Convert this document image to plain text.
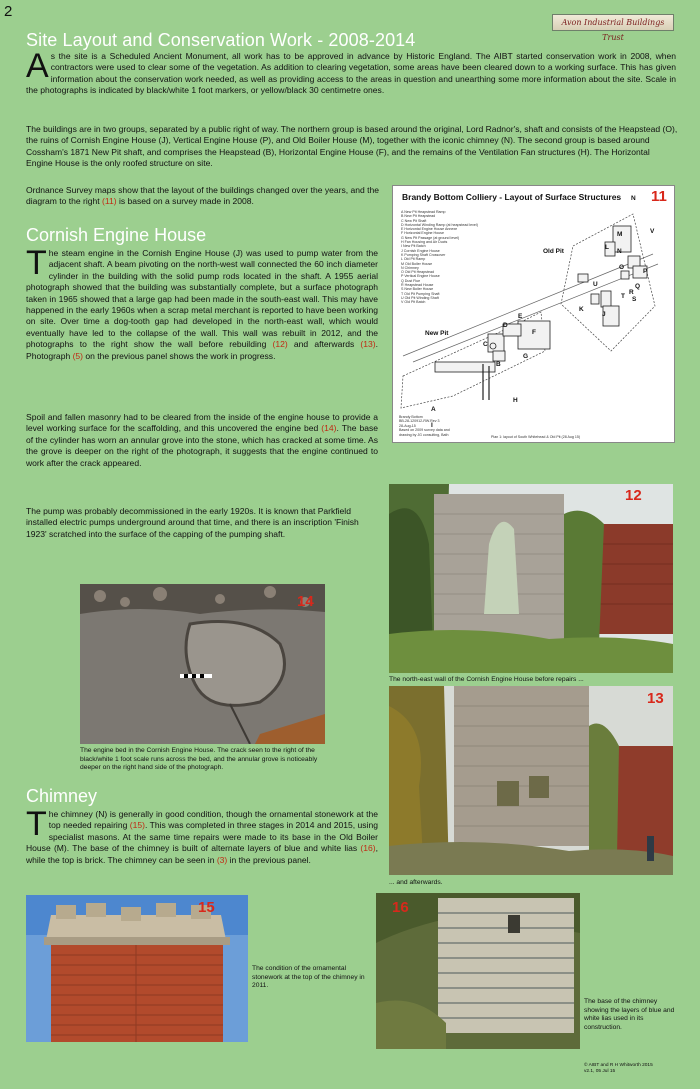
2
Avon Industrial Buildings Trust
Site Layout and Conservation Work - 2008-2014
As the site is a Scheduled Ancient Monument, all work has to be approved in advance by Historic England. The AIBT started conservation work in 2008, when contractors were used to clear some of the vegetation. As addition to clearing vegetation, some areas have been cleared down to a working surface. This has given information about the conservation work needed, as well as providing access to the areas in question and unearthing some more information about the site. Scale in the photographs is indicated by black/white 1 foot markers, or yellow/black 30 centimetre ones.
The buildings are in two groups, separated by a public right of way. The northern group is based around the original, Lord Radnor's, shaft and consists of the Heapstead (O), the ruins of Cornish Engine House (J), Vertical Engine House (P), and Old Boiler House (M), together with the iconic chimney (N). The second group is based around Cossham's 1871 New Pit shaft, and comprises the Heapstead (B), Horizontal Engine House (F), and the remains of the Ventilation Fan structures (H). The Horizontal Engine House is the only roofed structure on site.
Ordnance Survey maps show that the layout of the buildings changed over the years, and the diagram to the right (11) is based on a survey made in 2008.
Cornish Engine House
The steam engine in the Cornish Engine House (J) was used to pump water from the adjacent shaft. A beam pivoting on the north-west wall connected the 60 inch diameter cylinder in the building with the solid pump rods located in the shaft. A 1955 aerial photograph showed that the building was substantially complete, but a surface photograph taken in 1965 showed that a large gap had been made in the south-east wall. This may have happened in the early 1960s when a scrap metal merchant is reported to have been working on site. Over time a dog-tooth gap had developed in the north-east wall, which would eventually have led to the collapse of the wall. This wall was rebuilt in 2012, and the photographs to the right show the wall before rebuilding (12) and afterwards (13). Photograph (5) on the previous panel shows the work in progress.
Spoil and fallen masonry had to be cleared from the inside of the engine house to provide a level working surface for the scaffolding, and this uncovered the engine bed (14). The base of the cylinder has worn an annular grove into the stone, which has cracked at some time. As the grove is deeper on the right of the photograph, it suggests that the engine continued to work after the crack appeared.
The pump was probably decommissioned in the early 1920s. It is known that Parkfield installed electric pumps underground around that time, and there is an inscription 'Finish 1923' scratched into the surface of the capping of the pumping shaft.
Brandy Bottom Colliery - Layout of Surface Structures 11
N
A New Pit Heapstead Ramp
B New Pit Heapstead
C New Pit Shaft
D Horizontal Winding Ramp (at heapstead level)
E Horizontal Engine House Annexe
F Horizontal Engine House
G New Pit Passage (at ground level)
H Fan Housing and Air Ducts
I New Pit Batch
J Cornish Engine House
K Pumping Shaft Crossover
L Old Pit Ramp
M Old Boiler House
N Chimney
O Old Pit Heapstead
P Vertical Engine House
Q Dust Flue
R Heapstead House
S New Boiler House
T Old Pit Pumping Shaft
U Old Pit Winding Shaft
V Old Pit Batch
Old Pit
New Pit
A
B
C
D
E
F
G
H
I
J
K
L
M
N
O
P
Q
R
S
T
U
V
Brandy Bottom
BB-28-120912-RW.Rev 3
28-Aug-15
Based on 2009 survey data and
drawing by JG consulting, Bath
Plan 1: layout of South Whitehead & Old Pit (28 Aug 15)
12
The north-east wall of the Cornish Engine House before repairs ...
13
... and afterwards.
14
The engine bed in the Cornish Engine House. The crack seen to the right of the black/white 1 foot scale runs across the bed, and the annular grove is noticeably deeper on the right hand side of the photograph.
Chimney
The chimney (N) is generally in good condition, though the ornamental stonework at the top needed repairing (15). This was completed in three stages in 2014 and 2015, using specialist masons. At the same time repairs were made to its base in the Old Boiler House (M). The base of the chimney is built of alternate layers of blue and white lias (16), while the top is brick. The chimney can be seen in (3) in the previous panel.
15
The condition of the ornamental stonework at the top of the chimney in 2011.
16
The base of the chimney showing the layers of blue and white lias used in its construction.
© AIBT and R H Whitworth 2015
v2.1, 05 Jul 15
